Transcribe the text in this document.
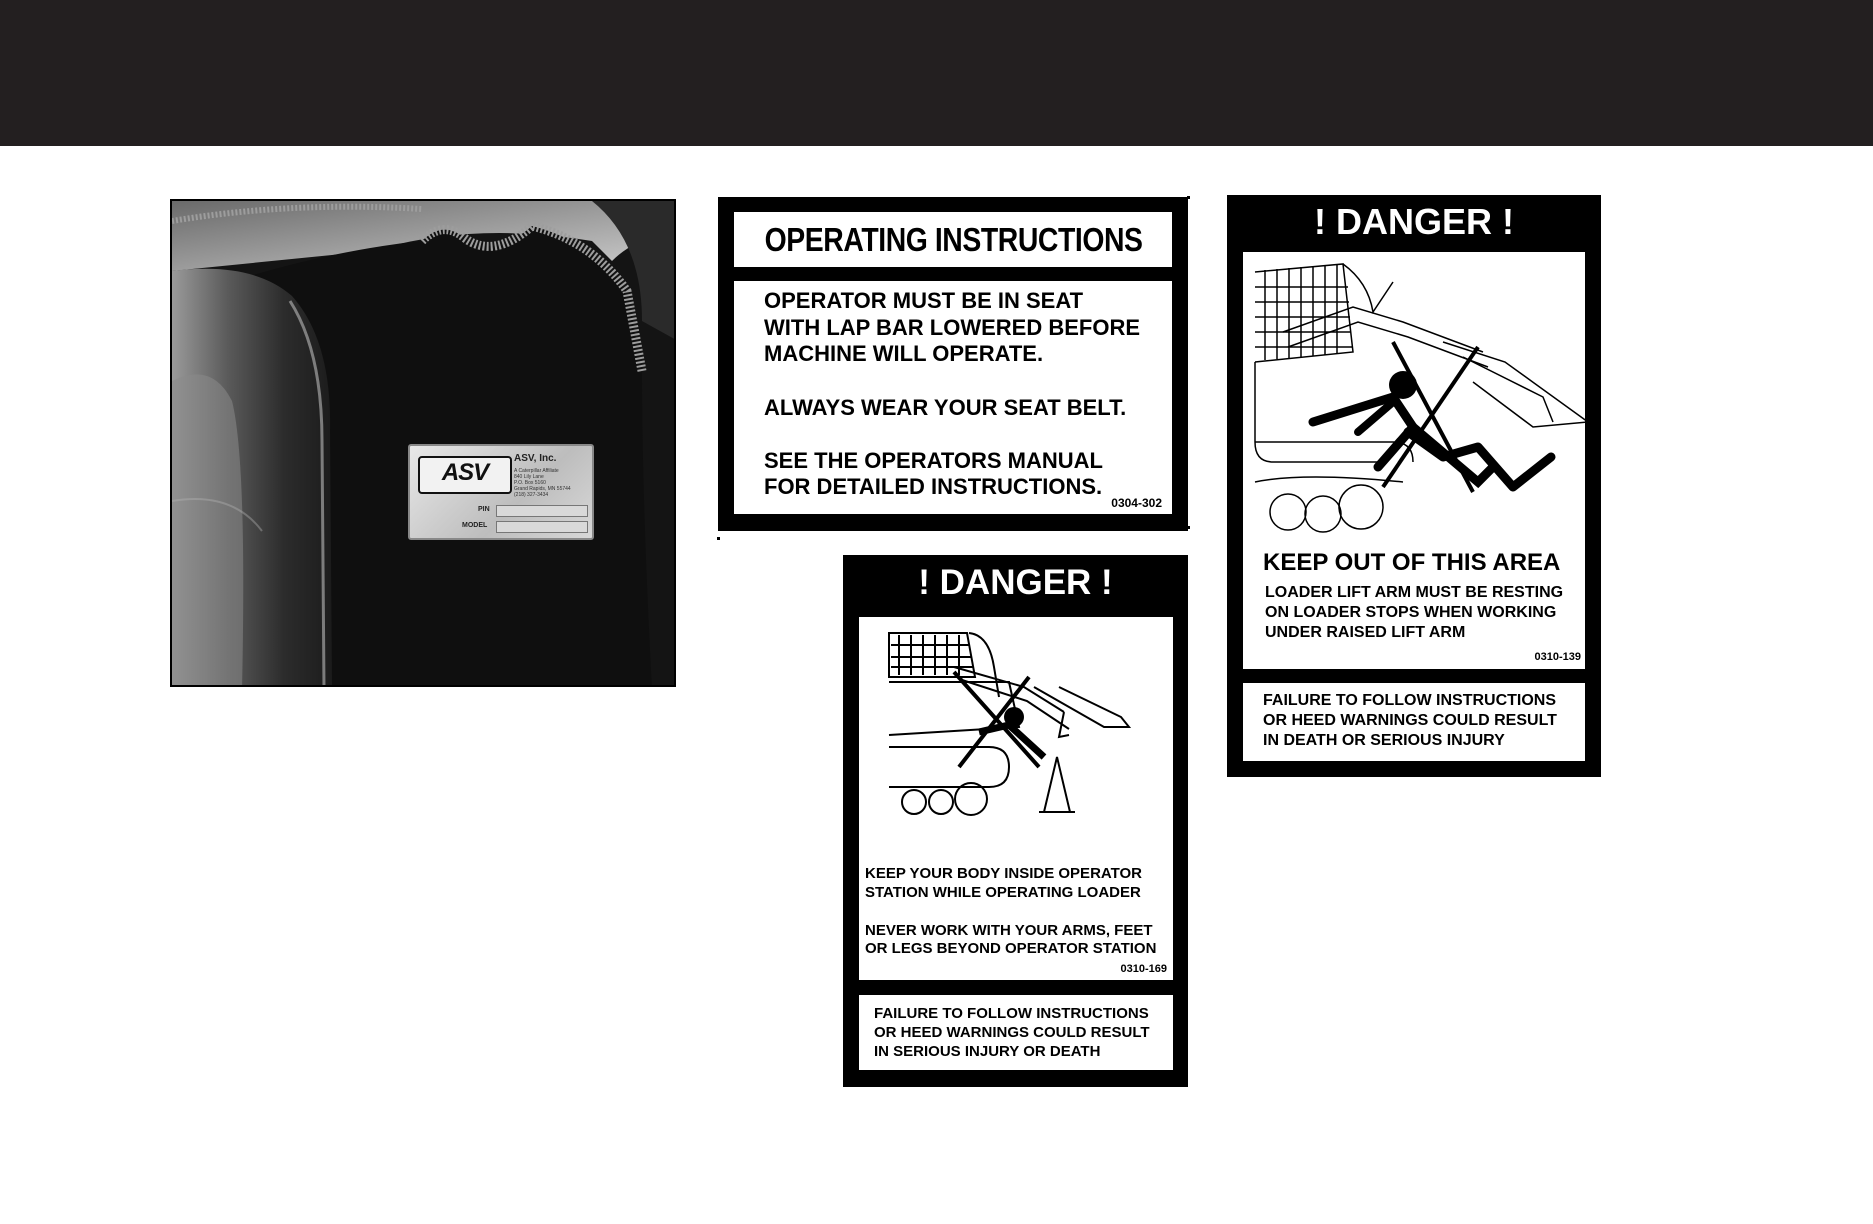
ASV
ASV, Inc.
A Caterpillar Affiliate
840 Lily Lane
P.O. Box 5160
Grand Rapids, MN 55744
(218) 327-3434
PIN
MODEL
OPERATING INSTRUCTIONS
OPERATOR MUST BE IN SEAT
WITH LAP BAR LOWERED BEFORE
MACHINE WILL OPERATE.
ALWAYS WEAR YOUR SEAT BELT.
SEE THE OPERATORS MANUAL
FOR DETAILED INSTRUCTIONS.
0304-302
! DANGER !
KEEP YOUR BODY INSIDE OPERATOR
STATION WHILE OPERATING LOADER
NEVER WORK WITH YOUR ARMS, FEET
OR LEGS BEYOND OPERATOR STATION
0310-169
FAILURE TO FOLLOW INSTRUCTIONS
OR HEED WARNINGS COULD RESULT
IN SERIOUS INJURY OR DEATH
! DANGER !
KEEP OUT OF THIS AREA
LOADER LIFT ARM MUST BE RESTING
ON LOADER STOPS WHEN WORKING
UNDER RAISED LIFT ARM
0310-139
FAILURE TO FOLLOW INSTRUCTIONS
OR HEED WARNINGS COULD RESULT
IN DEATH OR SERIOUS INJURY
